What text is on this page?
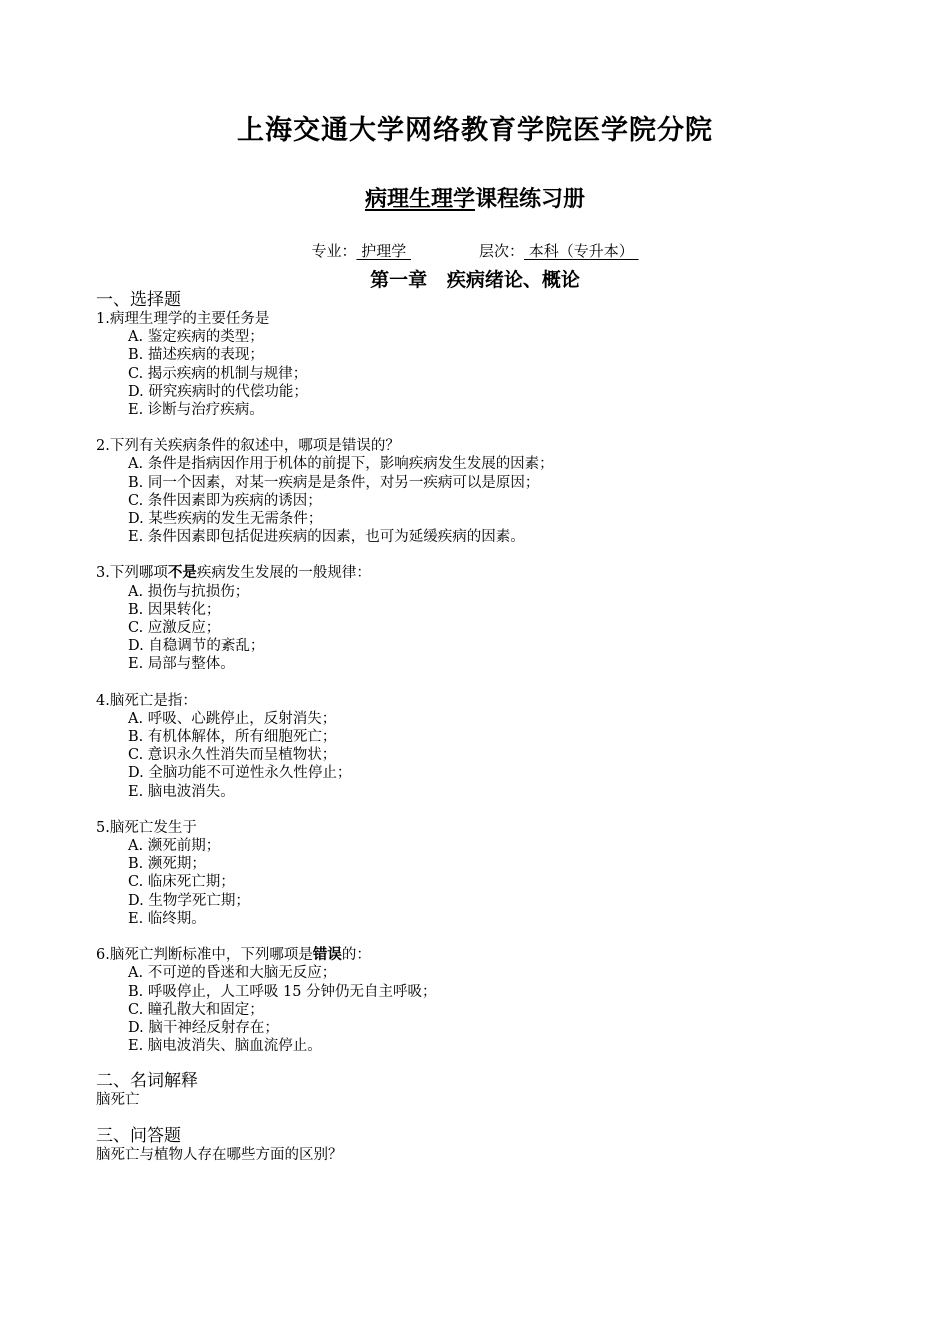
上海交通大学网络教育学院医学院分院
病理生理学课程练习册
专业： 护理学	层次： 本科（专升本）
第一章   疾病绪论、概论
一、选择题
1.病理生理学的主要任务是
A. 鉴定疾病的类型；
B. 描述疾病的表现；
C. 揭示疾病的机制与规律；
D. 研究疾病时的代偿功能；
E. 诊断与治疗疾病。
2.下列有关疾病条件的叙述中，哪项是错误的？
A. 条件是指病因作用于机体的前提下，影响疾病发生发展的因素；
B. 同一个因素，对某一疾病是是条件，对另一疾病可以是原因；
C. 条件因素即为疾病的诱因；
D. 某些疾病的发生无需条件；
E. 条件因素即包括促进疾病的因素，也可为延缓疾病的因素。
3.下列哪项不是疾病发生发展的一般规律：
A. 损伤与抗损伤；
B. 因果转化；
C. 应激反应；
D. 自稳调节的紊乱；
E. 局部与整体。
4.脑死亡是指：
A. 呼吸、心跳停止，反射消失；
B. 有机体解体，所有细胞死亡；
C. 意识永久性消失而呈植物状；
D. 全脑功能不可逆性永久性停止；
E. 脑电波消失。
5.脑死亡发生于
A. 濒死前期；
B. 濒死期；
C. 临床死亡期；
D. 生物学死亡期；
E. 临终期。
6.脑死亡判断标准中，下列哪项是错误的：
A. 不可逆的昏迷和大脑无反应；
B. 呼吸停止，人工呼吸 15 分钟仍无自主呼吸；
C. 瞳孔散大和固定；
D. 脑干神经反射存在；
E. 脑电波消失、脑血流停止。
二、名词解释
脑死亡
三、问答题
脑死亡与植物人存在哪些方面的区别？
